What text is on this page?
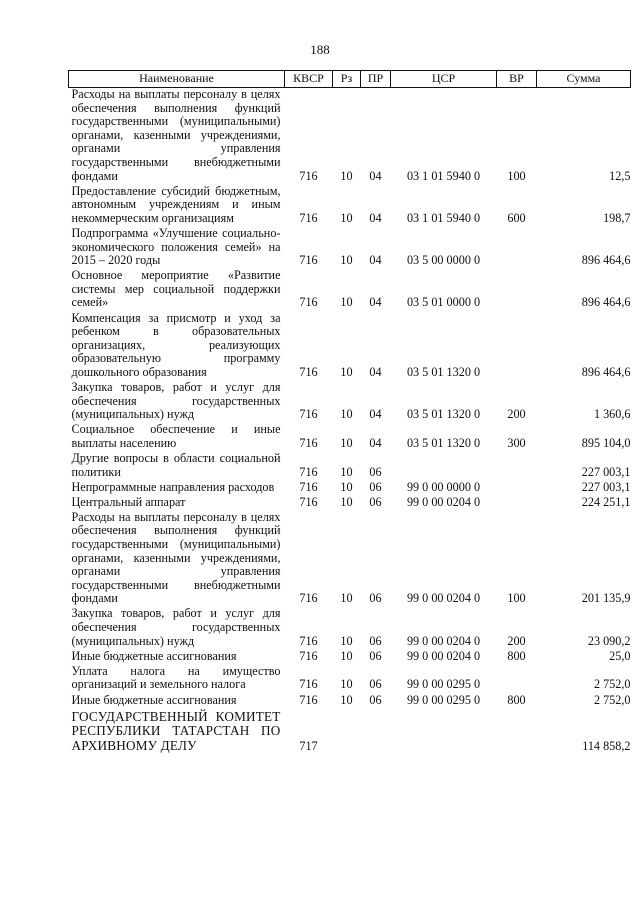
188
Наименование	КВСР	Рз	ПР	ЦСР	ВР	Сумма
Расходы на выплаты персоналу в целях обеспечения выполнения функций государственными (муниципальными) органами, казенными учреждениями, органами управления государственными внебюджетными фондами	716	10	04	03 1 01 5940 0	100	12,5
Предоставление субсидий бюджетным, автономным учреждениям и иным некоммерческим организациям	716	10	04	03 1 01 5940 0	600	198,7
Подпрограмма «Улучшение социально-экономического положения семей» на 2015 – 2020 годы	716	10	04	03 5 00 0000 0		896 464,6
Основное мероприятие «Развитие системы мер социальной поддержки семей»	716	10	04	03 5 01 0000 0		896 464,6
Компенсация за присмотр и уход за ребенком в образовательных организациях, реализующих образовательную программу дошкольного образования	716	10	04	03 5 01 1320 0		896 464,6
Закупка товаров, работ и услуг для обеспечения государственных (муниципальных) нужд	716	10	04	03 5 01 1320 0	200	1 360,6
Социальное обеспечение и иные выплаты населению	716	10	04	03 5 01 1320 0	300	895 104,0
Другие вопросы в области социальной политики	716	10	06			227 003,1
Непрограммные направления расходов	716	10	06	99 0 00 0000 0		227 003,1
Центральный аппарат	716	10	06	99 0 00 0204 0		224 251,1
Расходы на выплаты персоналу в целях обеспечения выполнения функций государственными (муниципальными) органами, казенными учреждениями, органами управления государственными внебюджетными фондами	716	10	06	99 0 00 0204 0	100	201 135,9
Закупка товаров, работ и услуг для обеспечения государственных (муниципальных) нужд	716	10	06	99 0 00 0204 0	200	23 090,2
Иные бюджетные ассигнования	716	10	06	99 0 00 0204 0	800	25,0
Уплата налога на имущество организаций и земельного налога	716	10	06	99 0 00 0295 0		2 752,0
Иные бюджетные ассигнования	716	10	06	99 0 00 0295 0	800	2 752,0
ГОСУДАРСТВЕННЫЙ КОМИТЕТ РЕСПУБЛИКИ ТАТАРСТАН ПО АРХИВНОМУ ДЕЛУ	717					114 858,2
